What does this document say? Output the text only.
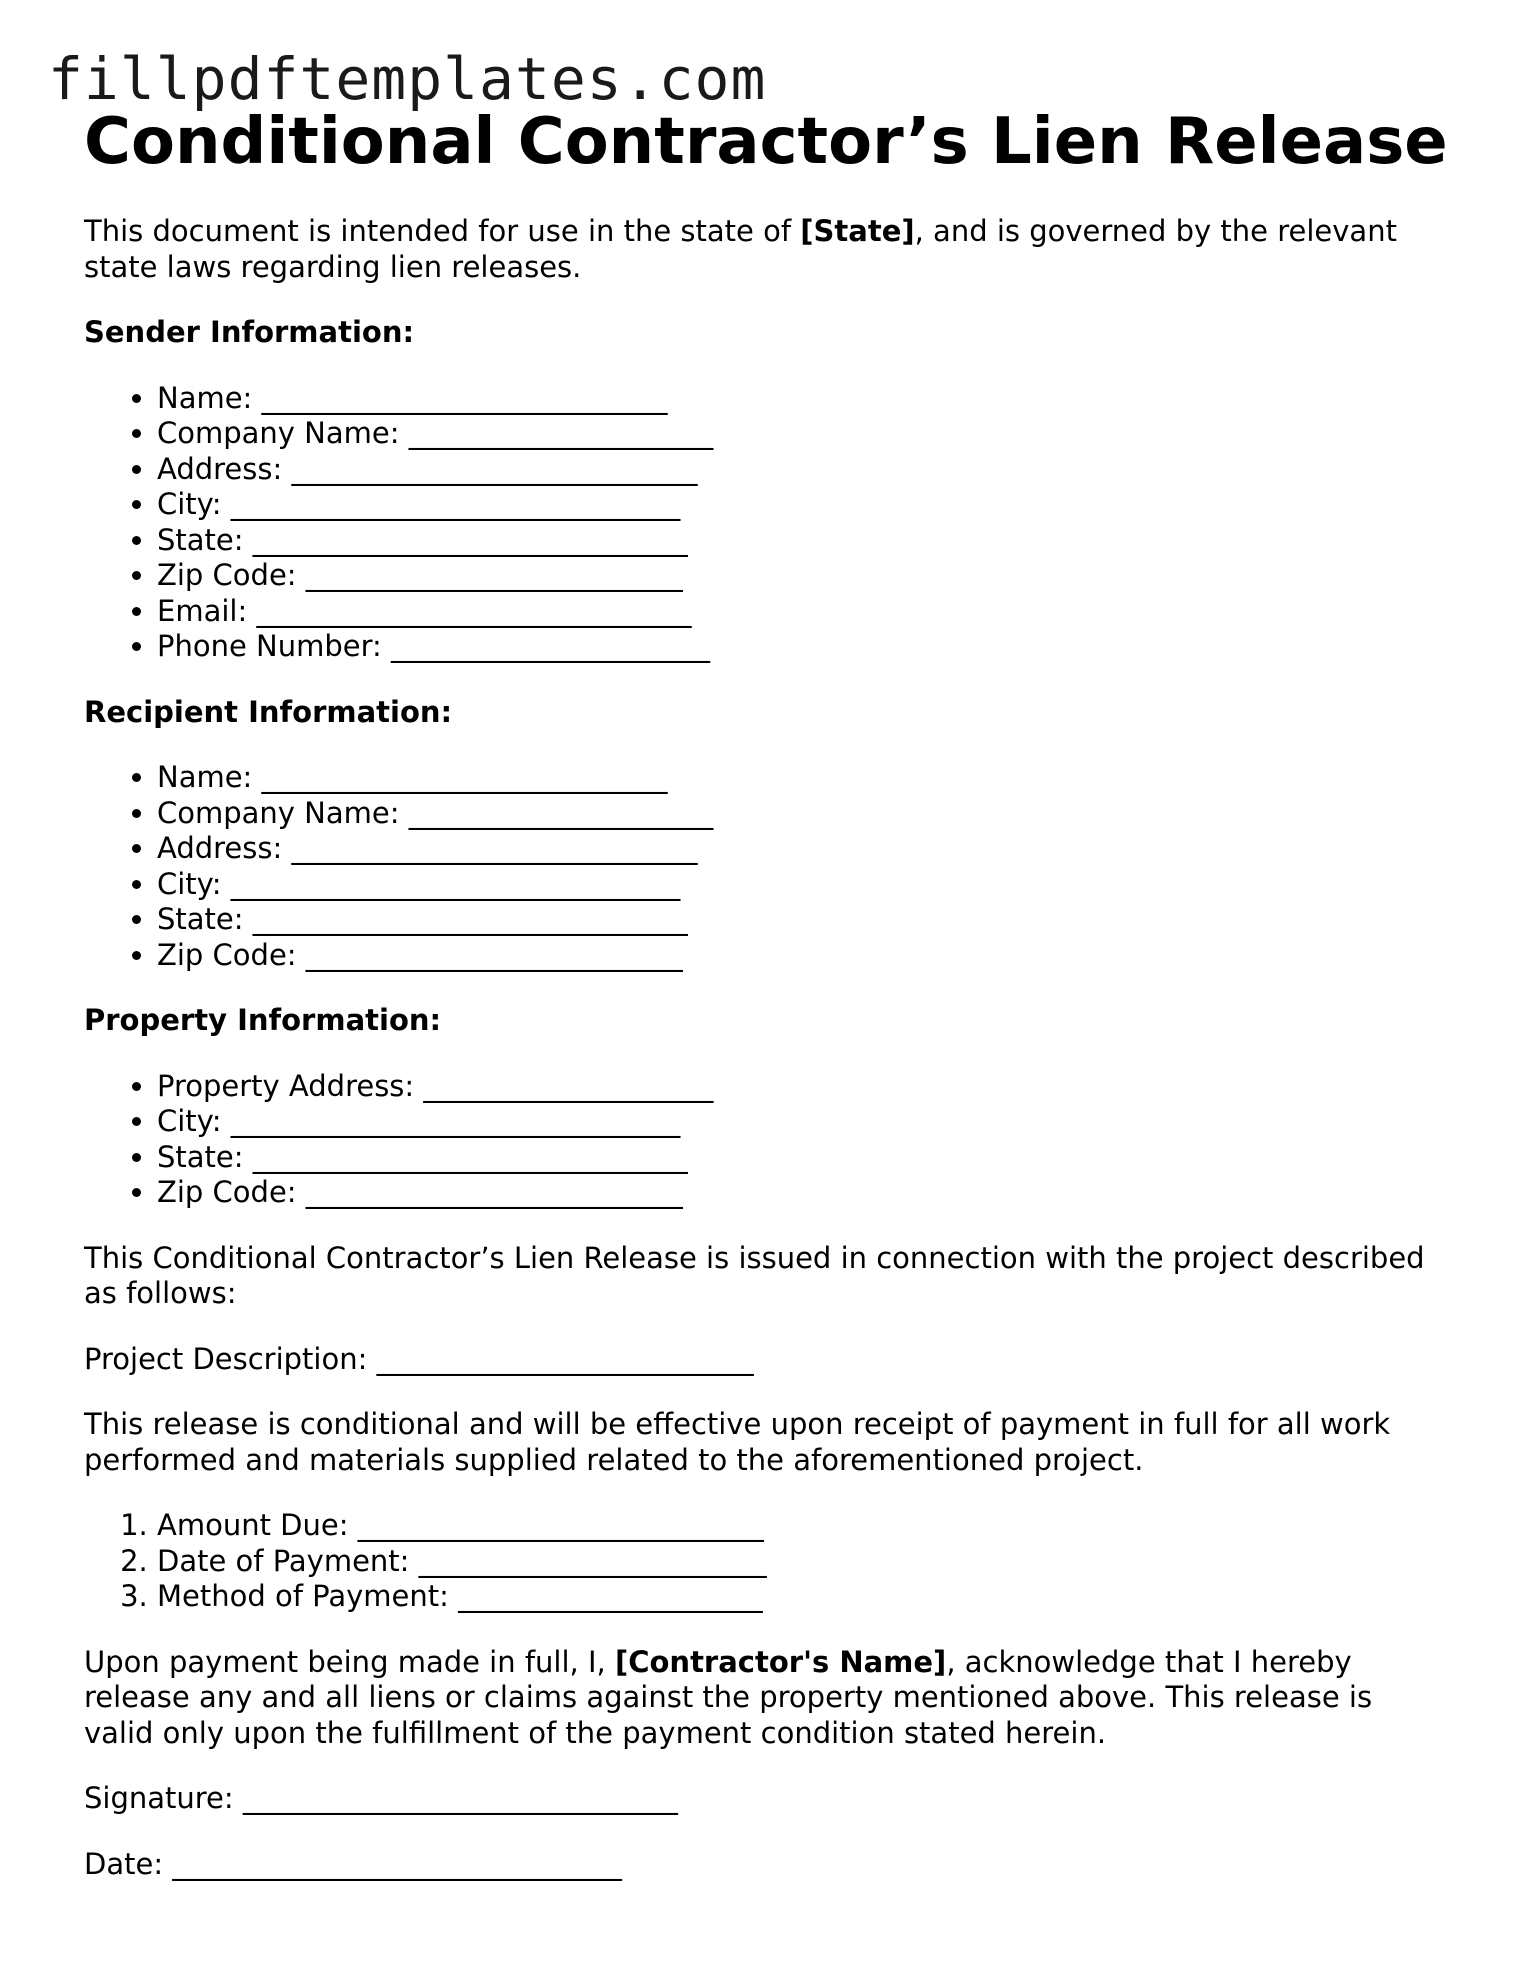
fillpdftemplates.com
Conditional Contractor’s Lien Release

This document is intended for use in the state of [State], and is governed by the relevant state laws regarding lien releases.

Sender Information:

• Name: ____________________________
• Company Name: _____________________
• Address: ____________________________
• City: _______________________________
• State: ______________________________
• Zip Code: __________________________
• Email: ______________________________
• Phone Number: ______________________

Recipient Information:

• Name: ____________________________
• Company Name: _____________________
• Address: ____________________________
• City: _______________________________
• State: ______________________________
• Zip Code: __________________________

Property Information:

• Property Address: ____________________
• City: _______________________________
• State: ______________________________
• Zip Code: __________________________

This Conditional Contractor’s Lien Release is issued in connection with the project described as follows:

Project Description: __________________________

This release is conditional and will be effective upon receipt of payment in full for all work performed and materials supplied related to the aforementioned project.

1. Amount Due: ____________________________
2. Date of Payment: ________________________
3. Method of Payment: _____________________

Upon payment being made in full, I, [Contractor's Name], acknowledge that I hereby release any and all liens or claims against the property mentioned above. This release is valid only upon the fulfillment of the payment condition stated herein.

Signature: ______________________________

Date: _______________________________
